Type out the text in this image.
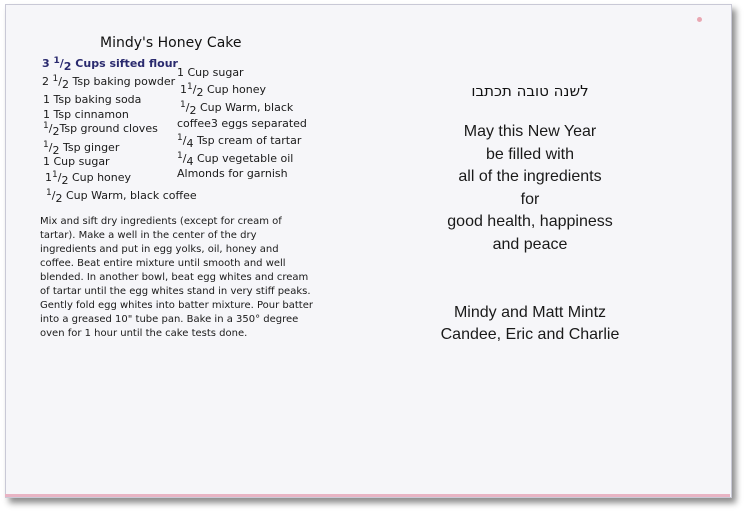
Mindy's Honey Cake
3 $^1$/2 Cups sifted flour
2 $^1$/2 Tsp baking powder
1 Tsp baking soda
1 Tsp cinnamon
$^1$/2Tsp ground cloves
$^1$/2 Tsp ginger
1 Cup sugar
$1^1/2$ Cup honey
$^1$/2 Cup Warm, black coffee
1 Cup sugar
$1^1/2$ Cup honey
$^1$/2 Cup Warm, black
coffee3 eggs separated
$^1$/4 Tsp cream of tartar
$^1$/4 Cup vegetable oil
Almonds for garnish

Mix and sift dry ingredients (except for cream of tartar). Make a well in the center of the dry ingredients and put in egg yolks, oil, honey and coffee. Beat entire mixture until smooth and well blended. In another bowl, beat egg whites and cream of tartar until the egg whites stand in very stiff peaks. Gently fold egg whites into batter mixture. Pour batter into a greased 10" tube pan. Bake in a 350° degree oven for 1 hour until the cake tests done.

לשנה טובה תכתבו

May this New Year

be filled with

all of the ingredients

for

good health, happiness

and peace

Mindy and Matt Mintz

Candee, Eric and Charlie
